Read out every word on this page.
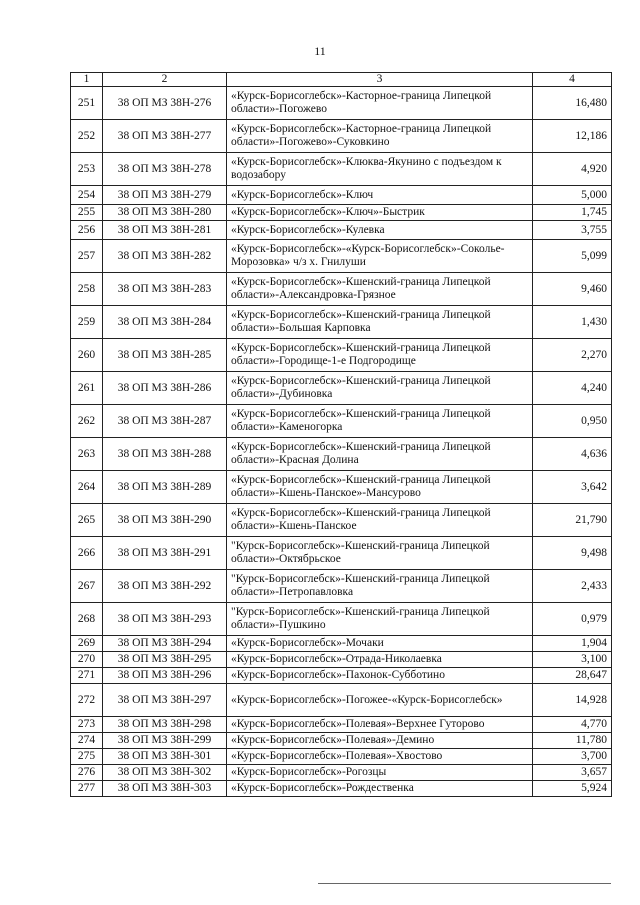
11
1	2	3	4
251	38 ОП МЗ 38Н-276	«Курск-Борисоглебск»-Касторное-граница Липецкой области»-Погожево	16,480
252	38 ОП МЗ 38Н-277	«Курск-Борисоглебск»-Касторное-граница Липецкой области»-Погожево»-Суковкино	12,186
253	38 ОП МЗ 38Н-278	«Курск-Борисоглебск»-Клюква-Якунино с подъездом к водозабору	4,920
254	38 ОП МЗ 38Н-279	«Курск-Борисоглебск»-Ключ	5,000
255	38 ОП МЗ 38Н-280	«Курск-Борисоглебск»-Ключ»-Быстрик	1,745
256	38 ОП МЗ 38Н-281	«Курск-Борисоглебск»-Кулевка	3,755
257	38 ОП МЗ 38Н-282	«Курск-Борисоглебск»-«Курск-Борисоглебск»-Соколье-Морозовка» ч/з х. Гнилуши	5,099
258	38 ОП МЗ 38Н-283	«Курск-Борисоглебск»-Кшенский-граница Липецкой области»-Александровка-Грязное	9,460
259	38 ОП МЗ 38Н-284	«Курск-Борисоглебск»-Кшенский-граница Липецкой области»-Большая Карповка	1,430
260	38 ОП МЗ 38Н-285	«Курск-Борисоглебск»-Кшенский-граница Липецкой области»-Городище-1-е Подгородище	2,270
261	38 ОП МЗ 38Н-286	«Курск-Борисоглебск»-Кшенский-граница Липецкой области»-Дубиновка	4,240
262	38 ОП МЗ 38Н-287	«Курск-Борисоглебск»-Кшенский-граница Липецкой области»-Каменогорка	0,950
263	38 ОП МЗ 38Н-288	«Курск-Борисоглебск»-Кшенский-граница Липецкой области»-Красная Долина	4,636
264	38 ОП МЗ 38Н-289	«Курск-Борисоглебск»-Кшенский-граница Липецкой области»-Кшень-Панское»-Мансурово	3,642
265	38 ОП МЗ 38Н-290	«Курск-Борисоглебск»-Кшенский-граница Липецкой области»-Кшень-Панское	21,790
266	38 ОП МЗ 38Н-291	"Курск-Борисоглебск»-Кшенский-граница Липецкой области»-Октябрьское	9,498
267	38 ОП МЗ 38Н-292	"Курск-Борисоглебск»-Кшенский-граница Липецкой области»-Петропавловка	2,433
268	38 ОП МЗ 38Н-293	"Курск-Борисоглебск»-Кшенский-граница Липецкой области»-Пушкино	0,979
269	38 ОП МЗ 38Н-294	«Курск-Борисоглебск»-Мочаки	1,904
270	38 ОП МЗ 38Н-295	«Курск-Борисоглебск»-Отрада-Николаевка	3,100
271	38 ОП МЗ 38Н-296	«Курск-Борисоглебск»-Пахонок-Субботино	28,647
272	38 ОП МЗ 38Н-297	«Курск-Борисоглебск»-Погожее-«Курск-Борисоглебск»	14,928
273	38 ОП МЗ 38Н-298	«Курск-Борисоглебск»-Полевая»-Верхнее Гуторово	4,770
274	38 ОП МЗ 38Н-299	«Курск-Борисоглебск»-Полевая»-Демино	11,780
275	38 ОП МЗ 38Н-301	«Курск-Борисоглебск»-Полевая»-Хвостово	3,700
276	38 ОП МЗ 38Н-302	«Курск-Борисоглебск»-Рогозцы	3,657
277	38 ОП МЗ 38Н-303	«Курск-Борисоглебск»-Рождественка	5,924
